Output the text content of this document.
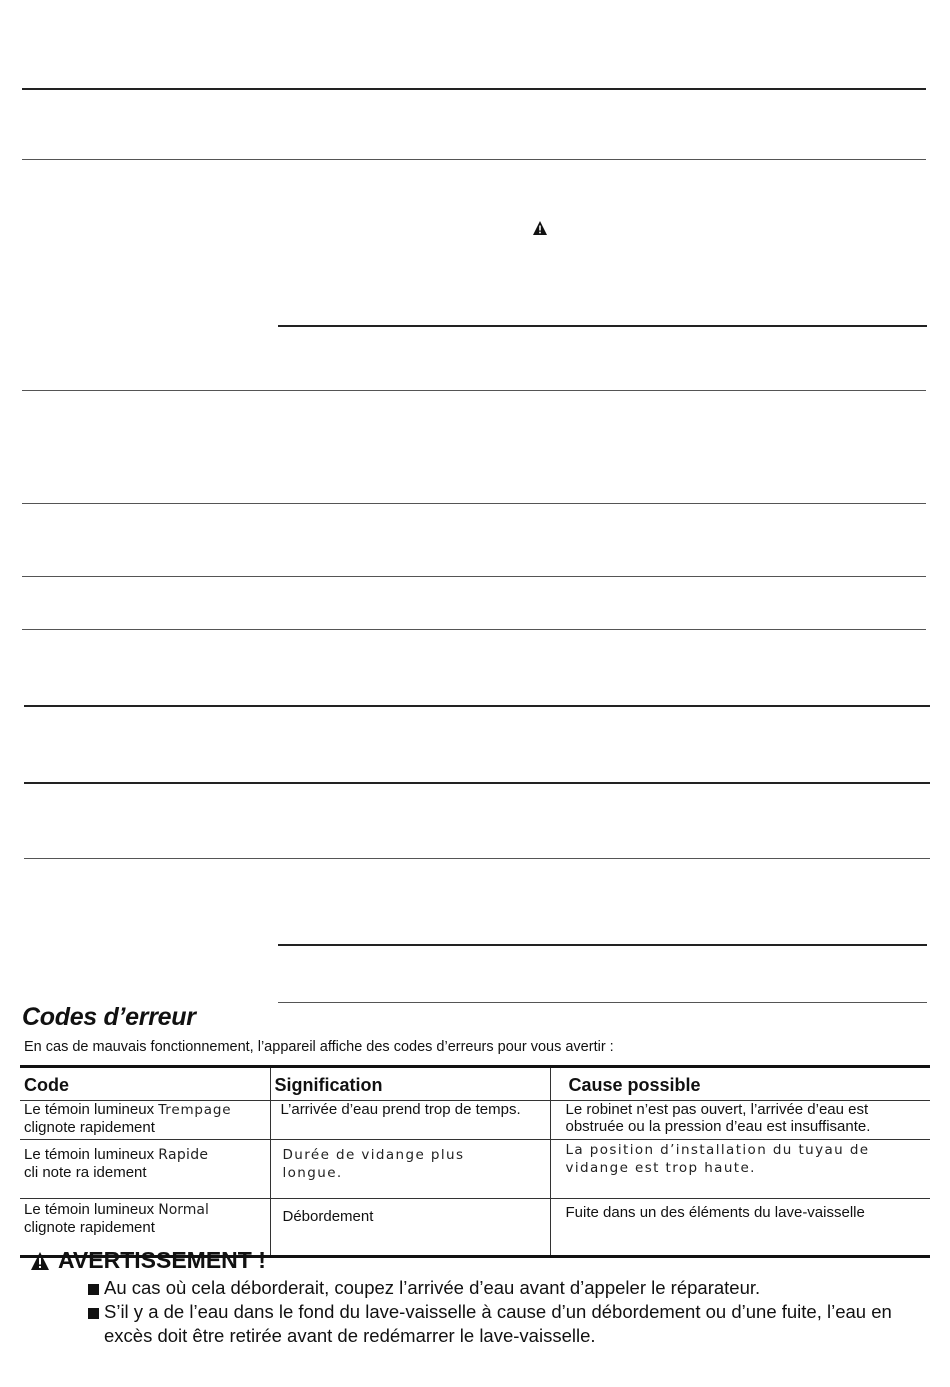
Codes d’erreur

En cas de mauvais fonctionnement, l’appareil affiche des codes d’erreurs pour vous avertir :

Code	Signification	Cause possible
Le témoin lumineux Trempage
clignote rapidement	L’arrivée d’eau prend trop de temps.	Le robinet n’est pas ouvert, l’arrivée d’eau est obstruée ou la pression d’eau est insuffisante.
Le témoin lumineux Rapide
cli note ra idement	Durée de vidange plus longue.	La position d’installation du tuyau de vidange est trop haute.
Le témoin lumineux Normal
clignote rapidement	Débordement	Fuite dans un des éléments du lave-vaisselle
AVERTISSEMENT !
Au cas où cela déborderait, coupez l’arrivée d’eau avant d’appeler le réparateur.
S’il y a de l’eau dans le fond du lave-vaisselle à cause d’un débordement ou d’une fuite, l’eau en excès doit être retirée avant de redémarrer le lave-vaisselle.
